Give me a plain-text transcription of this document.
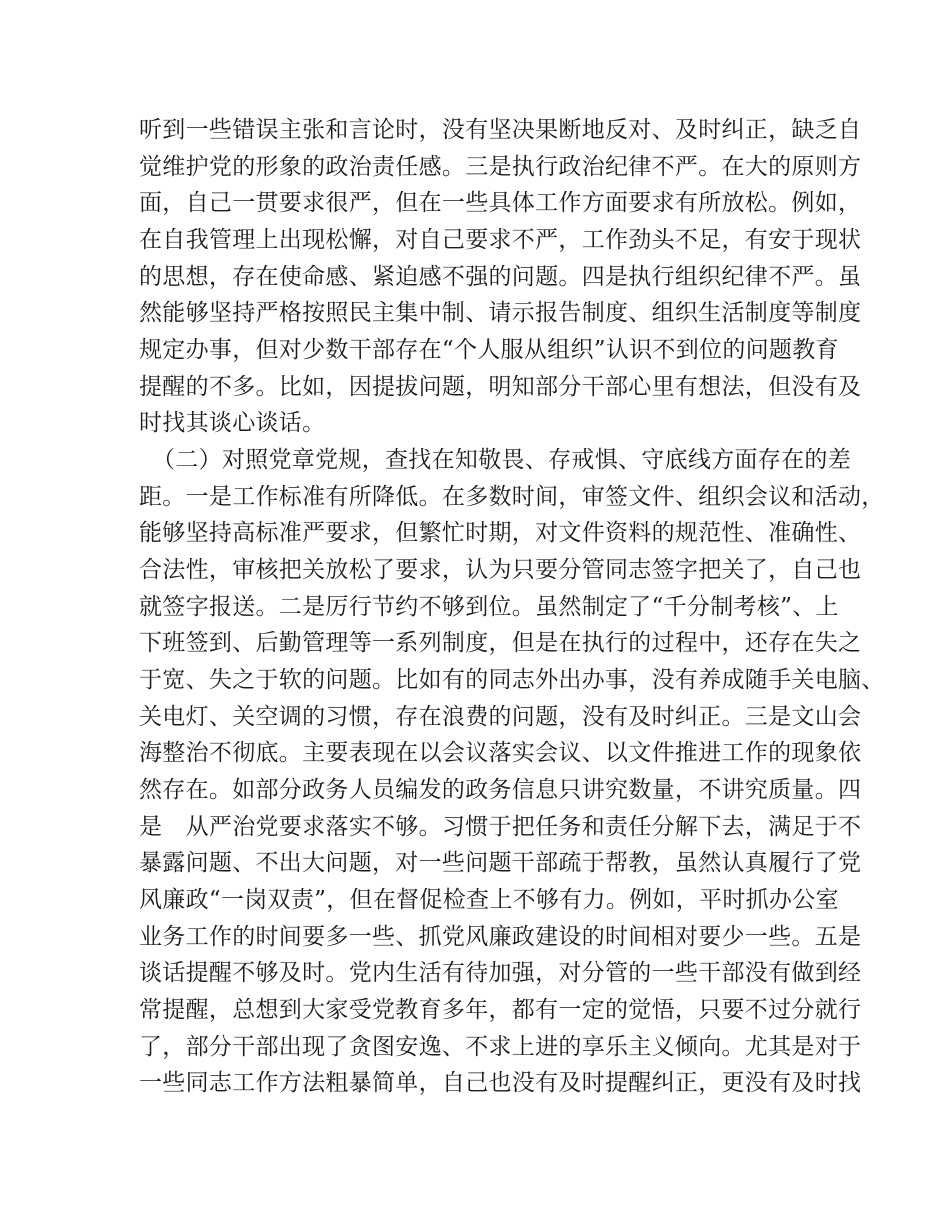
听到一些错误主张和言论时，没有坚决果断地反对、及时纠正，缺乏自
觉维护党的形象的政治责任感。三是执行政治纪律不严。在大的原则方
面，自己一贯要求很严，但在一些具体工作方面要求有所放松。例如，
在自我管理上出现松懈，对自己要求不严，工作劲头不足，有安于现状
的思想，存在使命感、紧迫感不强的问题。四是执行组织纪律不严。虽
然能够坚持严格按照民主集中制、请示报告制度、组织生活制度等制度
规定办事，但对少数干部存在“个人服从组织”认识不到位的问题教育
提醒的不多。比如，因提拔问题，明知部分干部心里有想法，但没有及
时找其谈心谈话。
（二）对照党章党规，查找在知敬畏、存戒惧、守底线方面存在的差
距。一是工作标准有所降低。在多数时间，审签文件、组织会议和活动，
能够坚持高标准严要求，但繁忙时期，对文件资料的规范性、准确性、
合法性，审核把关放松了要求，认为只要分管同志签字把关了，自己也
就签字报送。二是厉行节约不够到位。虽然制定了“千分制考核”、上
下班签到、后勤管理等一系列制度，但是在执行的过程中，还存在失之
于宽、失之于软的问题。比如有的同志外出办事，没有养成随手关电脑、
关电灯、关空调的习惯，存在浪费的问题，没有及时纠正。三是文山会
海整治不彻底。主要表现在以会议落实会议、以文件推进工作的现象依
然存在。如部分政务人员编发的政务信息只讲究数量，不讲究质量。四
是　从严治党要求落实不够。习惯于把任务和责任分解下去，满足于不
暴露问题、不出大问题，对一些问题干部疏于帮教，虽然认真履行了党
风廉政“一岗双责”，但在督促检查上不够有力。例如，平时抓办公室
业务工作的时间要多一些、抓党风廉政建设的时间相对要少一些。五是
谈话提醒不够及时。党内生活有待加强，对分管的一些干部没有做到经
常提醒，总想到大家受党教育多年，都有一定的觉悟，只要不过分就行
了，部分干部出现了贪图安逸、不求上进的享乐主义倾向。尤其是对于
一些同志工作方法粗暴简单，自己也没有及时提醒纠正，更没有及时找
